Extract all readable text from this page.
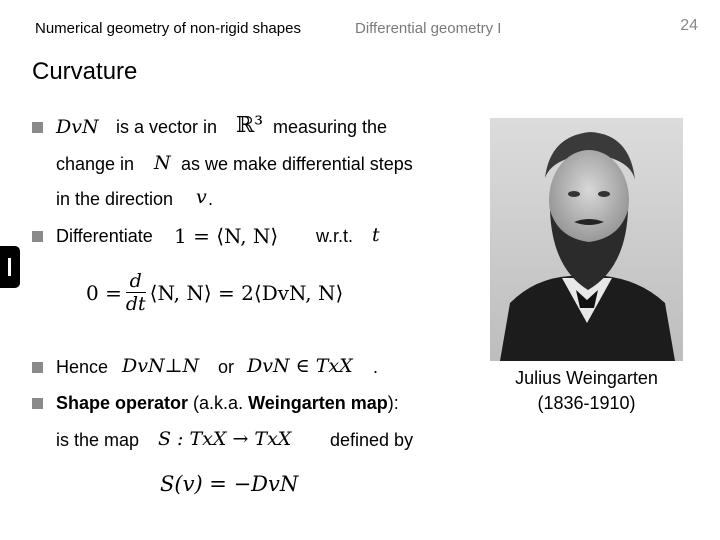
Numerical geometry of non-rigid shapes	Differential geometry I	24
Curvature
DvN is a vector in ℝ³ measuring the
change in N as we make differential steps
in the direction v .
Differentiate 1 = ⟨N, N⟩ w.r.t. t
$0 = \frac{d}{dt}$ ⟨N, N⟩ = 2⟨DvN, N⟩
Hence DvN⊥N or DvN ∈ TxX .
Shape operator (a.k.a. Weingarten map):
is the map S : TxX → TxX defined by
S(v) = −DvN
Julius Weingarten
(1836-1910)
